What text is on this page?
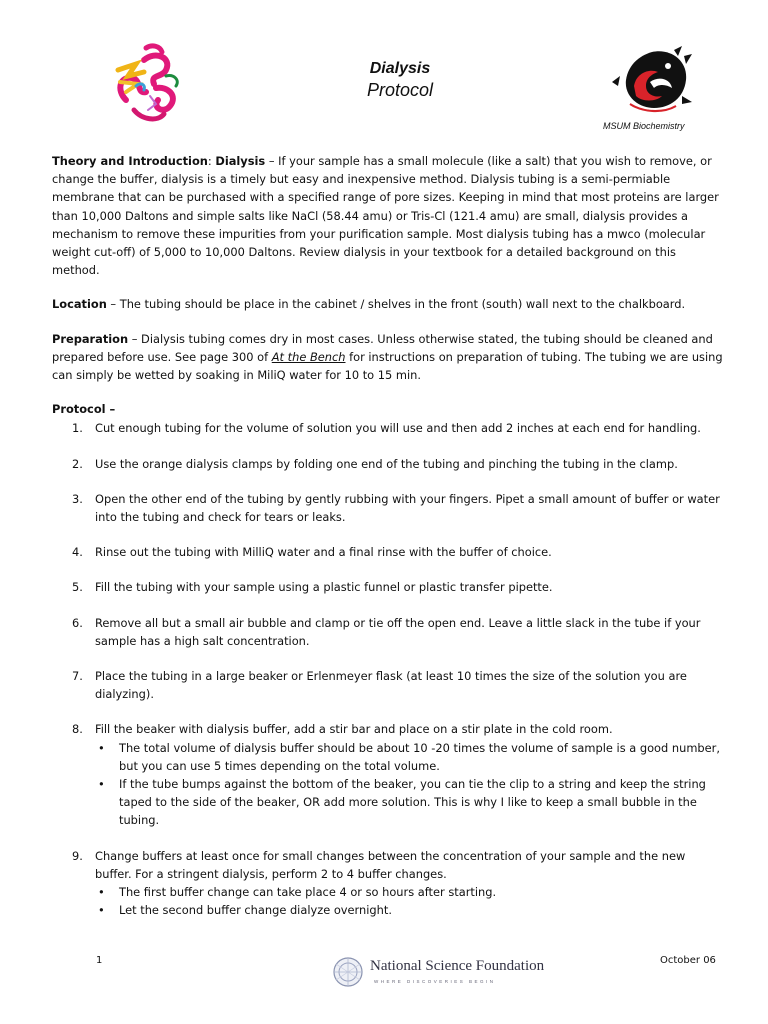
Dialysis
Protocol
MSUM Biochemistry

Theory and Introduction: Dialysis – If your sample has a small molecule (like a salt) that you wish to remove, or change the buffer, dialysis is a timely but easy and inexpensive method. Dialysis tubing is a semi-permiable membrane that can be purchased with a specified range of pore sizes. Keeping in mind that most proteins are larger than 10,000 Daltons and simple salts like NaCl (58.44 amu) or Tris-Cl (121.4 amu) are small, dialysis provides a mechanism to remove these impurities from your purification sample. Most dialysis tubing has a mwco (molecular weight cut-off) of 5,000 to 10,000 Daltons. Review dialysis in your textbook for a detailed background on this method.

Location – The tubing should be place in the cabinet / shelves in the front (south) wall next to the chalkboard.

Preparation – Dialysis tubing comes dry in most cases. Unless otherwise stated, the tubing should be cleaned and prepared before use. See page 300 of At the Bench for instructions on preparation of tubing. The tubing we are using can simply be wetted by soaking in MiliQ water for 10 to 15 min.

Protocol –
1.	Cut enough tubing for the volume of solution you will use and then add 2 inches at each end for handling.
2.	Use the orange dialysis clamps by folding one end of the tubing and pinching the tubing in the clamp.
3.	Open the other end of the tubing by gently rubbing with your fingers. Pipet a small amount of buffer or water into the tubing and check for tears or leaks.
4.	Rinse out the tubing with MilliQ water and a final rinse with the buffer of choice.
5.	Fill the tubing with your sample using a plastic funnel or plastic transfer pipette.
6.	Remove all but a small air bubble and clamp or tie off the open end. Leave a little slack in the tube if your sample has a high salt concentration.
7.	Place the tubing in a large beaker or Erlenmeyer flask (at least 10 times the size of the solution you are dialyzing).
8.	Fill the beaker with dialysis buffer, add a stir bar and place on a stir plate in the cold room.
• The total volume of dialysis buffer should be about 10 -20 times the volume of sample is a good number, but you can use 5 times depending on the total volume.
• If the tube bumps against the bottom of the beaker, you can tie the clip to a string and keep the string taped to the side of the beaker, OR add more solution. This is why I like to keep a small bubble in the tubing.
9.	Change buffers at least once for small changes between the concentration of your sample and the new buffer. For a stringent dialysis, perform 2 to 4 buffer changes.
• The first buffer change can take place 4 or so hours after starting.
• Let the second buffer change dialyze overnight.
1	National Science Foundation
WHERE DISCOVERIES BEGIN
October 06
